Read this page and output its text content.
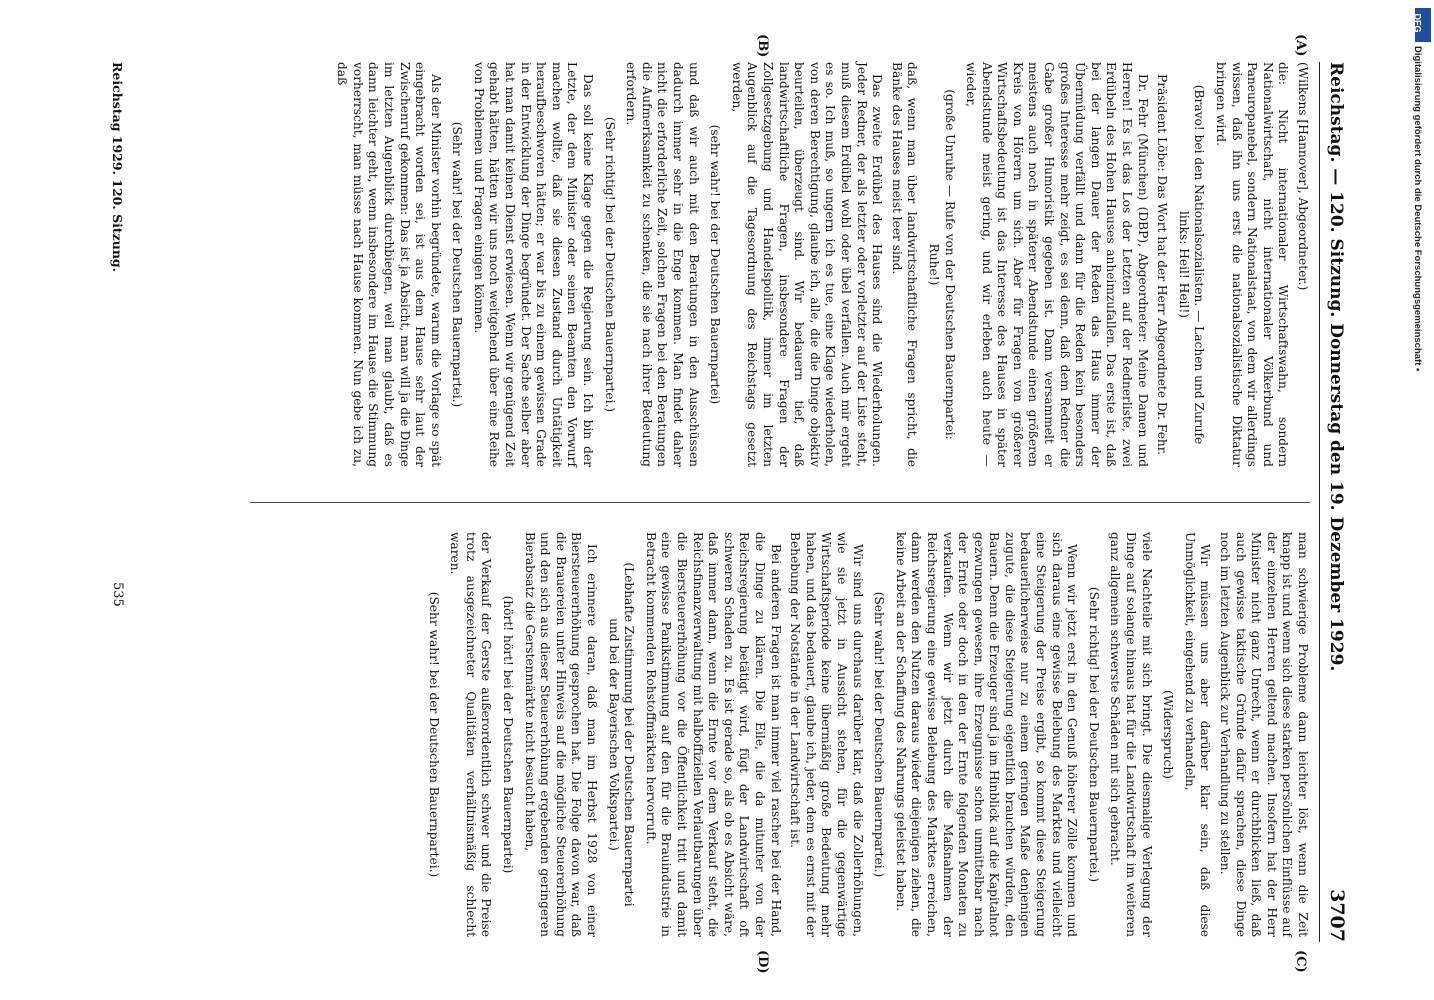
Reichstag. — 120. Sitzung. Donnerstag den 19. Dezember 1929.
3707
(A)
(B)
(C)
(D)

(Wilkens [Hannover], Abgeordneter.)

die: Nicht internationaler Wirtschaftswahn, sondern Nationalwirtschaft, nicht internationaler Völkerbund und Paneuropanebel, sondern Nationalstaat, von dem wir allerdings wissen, daß ihn uns erst die nationalsozialistische Diktatur bringen wird.

(Bravo! bei den Nationalsozialisten. — Lachen und Zurufe links: Heil! Heil!)

Präsident Löbe: Das Wort hat der Herr Abgeordnete Dr. Fehr.

Dr. Fehr (München) (DBP), Abgeordneter: Meine Damen und Herren! Es ist das Los der Letzten auf der Rednerliste, zwei Erdübeln des Hohen Hauses anheimzufallen. Das erste ist, daß bei der langen Dauer der Reden das Haus immer der Übermüdung verfällt und dann für die Reden kein besonders großes Interesse mehr zeigt, es sei denn, daß dem Redner die Gabe großer Humoristik gegeben ist. Dann versammelt er meistens auch noch in späterer Abendstunde einen größeren Kreis von Hörern um sich. Aber für Fragen von größerer Wirtschaftsbedeutung ist das Interesse des Hauses in später Abendstunde meist gering, und wir erleben auch heute — wieder,

(große Unruhe — Rufe von der Deutschen Bauernpartei: Ruhe!)

daß, wenn man über landwirtschaftliche Fragen spricht, die Bänke des Hauses meist leer sind.

Das zweite Erdübel des Hauses sind die Wiederholungen. Jeder Redner, der als letzter oder vorletzter auf der Liste steht, muß diesem Erdübel wohl oder übel verfallen. Auch mir ergeht es so. Ich muß, so ungern ich es tue, eine Klage wiederholen, von deren Berechtigung, glaube ich, alle, die die Dinge objektiv beurteilen, überzeugt sind. Wir bedauern tief, daß landwirtschaftliche Fragen, insbesondere Fragen der Zollgesetzgebung und Handelspolitik, immer im letzten Augenblick auf die Tagesordnung des Reichstags gesetzt werden,

(sehr wahr! bei der Deutschen Bauernpartei)

und daß wir auch mit den Beratungen in den Ausschüssen dadurch immer sehr in die Enge kommen. Man findet daher nicht die erforderliche Zeit, solchen Fragen bei den Beratungen die Aufmerksamkeit zu schenken, die sie nach ihrer Bedeutung erfordern.

(Sehr richtig! bei der Deutschen Bauernpartei.)

Das soll keine Klage gegen die Regierung sein. Ich bin der Letzte, der dem Minister oder seinen Beamten den Vorwurf machen wollte, daß sie diesen Zustand durch Untätigkeit heraufbeschworen hätten; er war bis zu einem gewissen Grade in der Entwicklung der Dinge begründet. Der Sache selber aber hat man damit keinen Dienst erwiesen. Wenn wir genügend Zeit gehabt hätten, hätten wir uns noch weitgehend über eine Reihe von Problemen und Fragen einigen können.

(Sehr wahr! bei der Deutschen Bauernpartei.)

Als der Minister vorhin begründete, warum die Vorlage so spät eingebracht worden sei, ist aus dem Hause sehr laut der Zwischenruf gekommen: Das ist ja Absicht, man will ja die Dinge im letzten Augenblick durchbiegen, weil man glaubt, daß es dann leichter geht, wenn insbesondere im Hause die Stimmung vorherrscht, man müsse nach Hause kommen. Nun gebe ich zu, daß

man schwierige Probleme dann leichter löst, wenn die Zeit knapp ist und wenn sich diese starken persönlichen Einflüsse auf der einzelnen Herren geltend machen. Insofern hat der Herr Minister nicht ganz Unrecht, wenn er durchblicken ließ, daß auch gewisse taktische Gründe dafür sprachen, diese Dinge noch im letzten Augenblick zur Verhandlung zu stellen.

Wir müssen uns aber darüber klar sein, daß diese Unmöglichkeit, eingehend zu verhandeln,

(Widerspruch)

viele Nachteile mit sich bringt. Die diesmalige Verlegung der Dinge auf solange hinaus hat für die Landwirtschaft im weiteren ganz allgemein schwerste Schäden mit sich gebracht.

(Sehr richtig! bei der Deutschen Bauernpartei.)

Wenn wir jetzt erst in den Genuß höherer Zölle kommen und sich daraus eine gewisse Belebung des Marktes und vielleicht eine Steigerung der Preise ergibt, so kommt diese Steigerung bedauerlicherweise nur zu einem geringen Maße denjenigen zugute, die diese Steigerung eigentlich brauchen würden, den Bauern. Denn die Erzeuger sind ja im Hinblick auf die Kapitalnot gezwungen gewesen, ihre Erzeugnisse schon unmittelbar nach der Ernte oder doch in den der Ernte folgenden Monaten zu verkaufen. Wenn wir jetzt durch die Maßnahmen der Reichsregierung eine gewisse Belebung des Marktes erreichen, dann werden den Nutzen daraus wieder diejenigen ziehen, die keine Arbeit an der Schaffung des Nahrungs geleistet haben.

(Sehr wahr! bei der Deutschen Bauernpartei.)

Wir sind uns durchaus darüber klar, daß die Zollerhöhungen, wie sie jetzt in Aussicht stehen, für die gegenwärtige Wirtschaftsperiode keine übermäßig große Bedeutung mehr haben, und das bedauert, glaube ich, jeder, dem es ernst mit der Behebung der Notstände in der Landwirtschaft ist.

Bei anderen Fragen ist man immer viel rascher bei der Hand, die Dinge zu klären. Die Eile, die da mitunter von der Reichsregierung betätigt wird, fügt der Landwirtschaft oft schweren Schaden zu. Es ist gerade so, als ob es Absicht wäre, daß immer dann, wenn die Ernte vor dem Verkauf steht, die Reichsfinanzverwaltung mit halboffiziellen Verlautbarungen über die Biersteuererhöhung vor die Öffentlichkeit tritt und damit eine gewisse Panikstimmung auf den für die Brauindustrie in Betracht kommenden Rohstoffmärkten hervorruft.

(Lebhafte Zustimmung bei der Deutschen Bauernpartei und bei der Bayerischen Volkspartei.)

Ich erinnere daran, daß man im Herbst 1928 von einer Biersteuererhöhung gesprochen hat. Die Folge davon war, daß die Brauereien unter Hinweis auf die mögliche Steuererhöhung und den sich aus dieser Steuererhöhung ergebenden geringeren Bierabsatz die Gerstenmärkte nicht besucht haben,

(hört! hört! bei der Deutschen Bauernpartei)

der Verkauf der Gerste außerordentlich schwer und die Preise trotz ausgezeichneter Qualitäten verhältnismäßig schlecht waren.

(Sehr wahr! bei der Deutschen Bauernpartei.)

Reichstag 1929. 120. Sitzung.
535
DFG
Digitalisierung gefördert durch die Deutsche Forschungsgemeinschaft •
